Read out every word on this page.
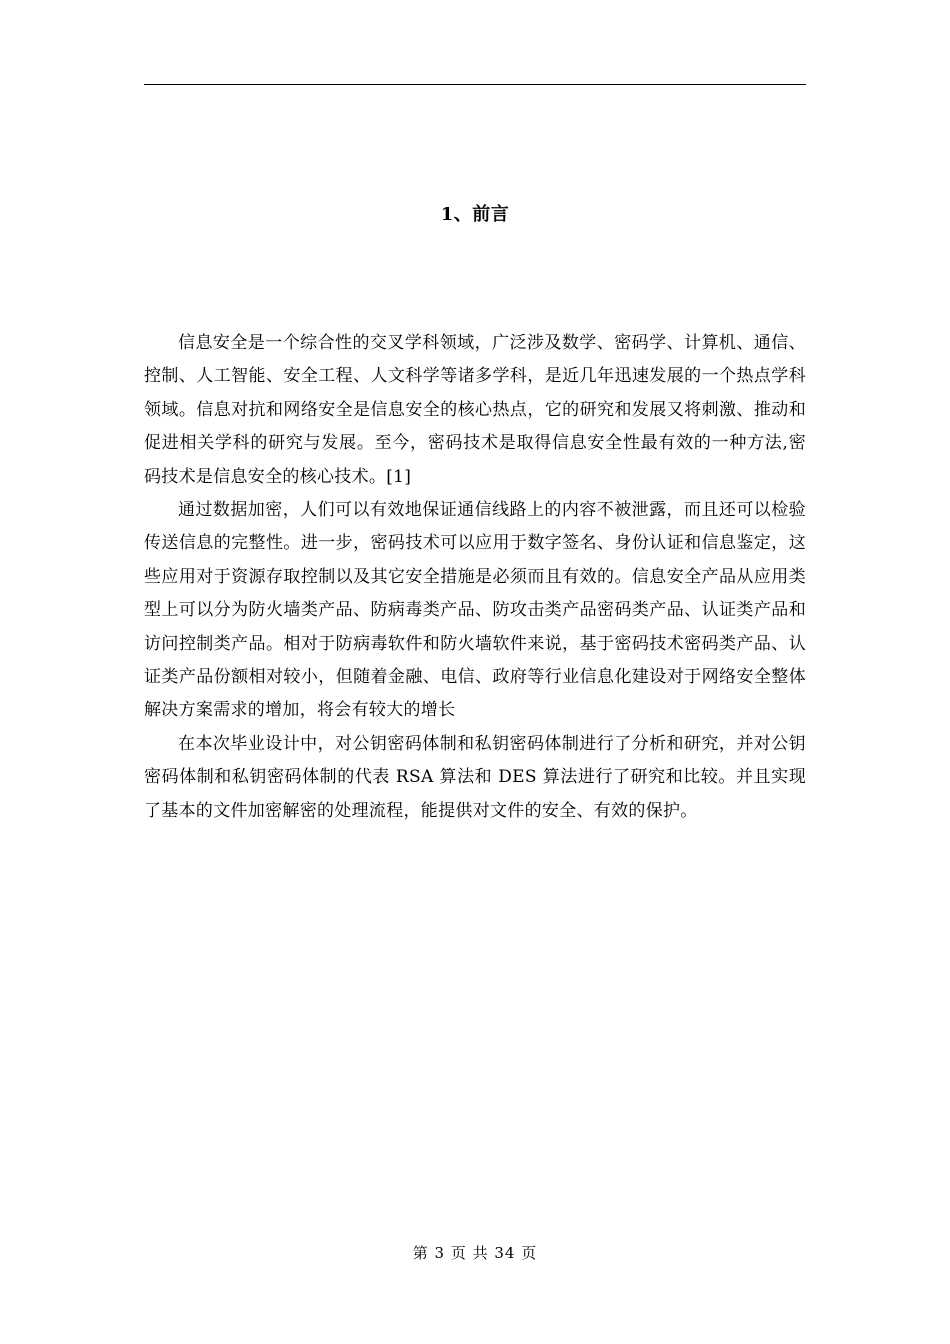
1、前言

信息安全是一个综合性的交叉学科领域，广泛涉及数学、密码学、计算机、通信、控制、人工智能、安全工程、人文科学等诸多学科，是近几年迅速发展的一个热点学科领域。信息对抗和网络安全是信息安全的核心热点，它的研究和发展又将刺激、推动和促进相关学科的研究与发展。至今，密码技术是取得信息安全性最有效的一种方法,密码技术是信息安全的核心技术。[1]

通过数据加密，人们可以有效地保证通信线路上的内容不被泄露，而且还可以检验传送信息的完整性。进一步，密码技术可以应用于数字签名、身份认证和信息鉴定，这些应用对于资源存取控制以及其它安全措施是必须而且有效的。信息安全产品从应用类型上可以分为防火墙类产品、防病毒类产品、防攻击类产品密码类产品、认证类产品和访问控制类产品。相对于防病毒软件和防火墙软件来说，基于密码技术密码类产品、认证类产品份额相对较小，但随着金融、电信、政府等行业信息化建设对于网络安全整体解决方案需求的增加，将会有较大的增长

在本次毕业设计中，对公钥密码体制和私钥密码体制进行了分析和研究，并对公钥密码体制和私钥密码体制的代表 RSA 算法和 DES 算法进行了研究和比较。并且实现了基本的文件加密解密的处理流程，能提供对文件的安全、有效的保护。

第 3 页 共 34 页
